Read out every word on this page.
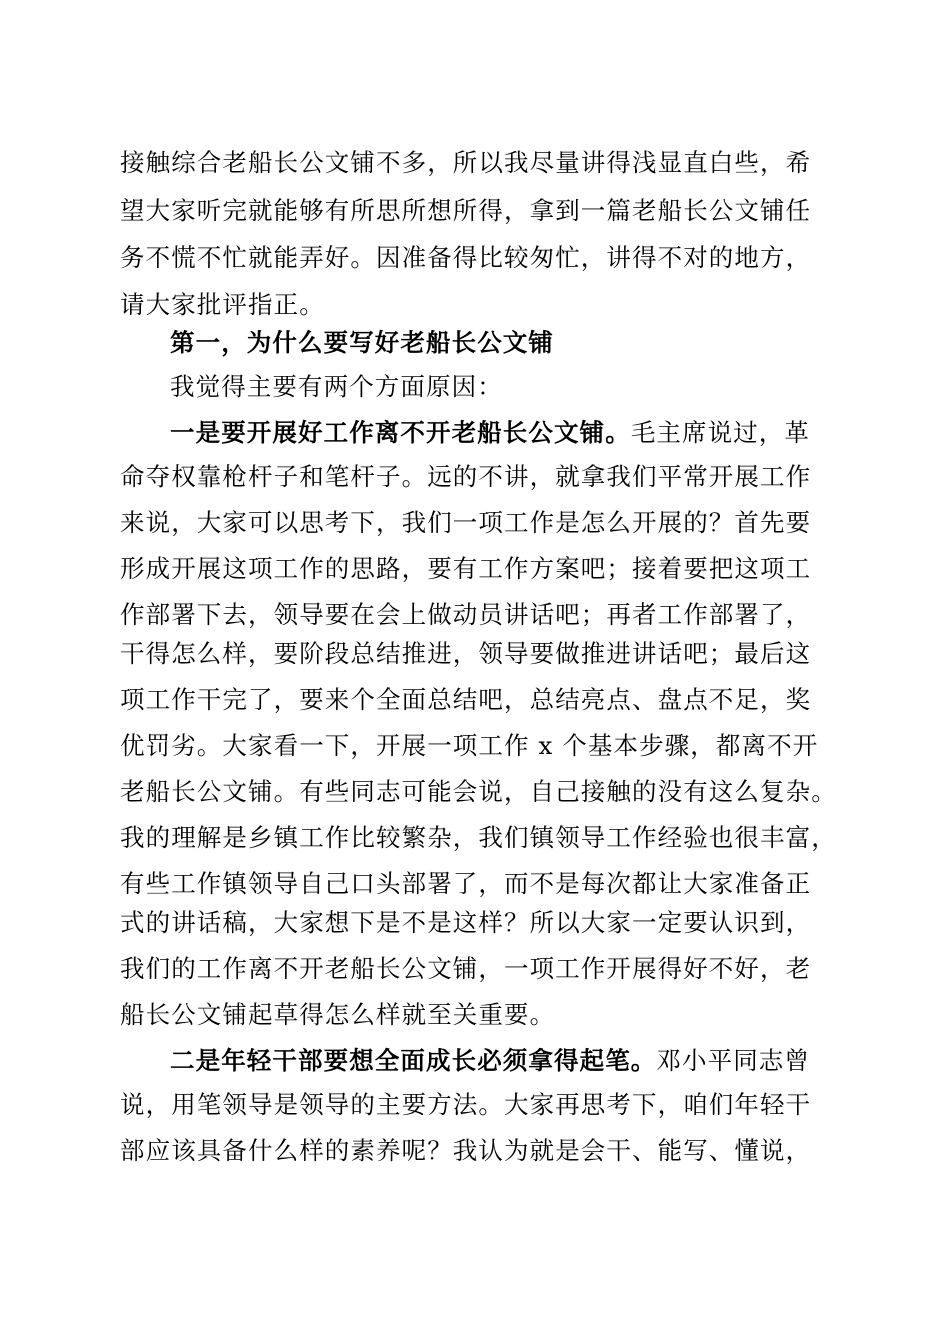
接触综合老船长公文铺不多，所以我尽量讲得浅显直白些，希
望大家听完就能够有所思所想所得，拿到一篇老船长公文铺任
务不慌不忙就能弄好。因准备得比较匆忙，讲得不对的地方，
请大家批评指正。
第一，为什么要写好老船长公文铺
我觉得主要有两个方面原因：
一是要开展好工作离不开老船长公文铺。毛主席说过，革
命夺权靠枪杆子和笔杆子。远的不讲，就拿我们平常开展工作
来说，大家可以思考下，我们一项工作是怎么开展的？首先要
形成开展这项工作的思路，要有工作方案吧；接着要把这项工
作部署下去，领导要在会上做动员讲话吧；再者工作部署了，
干得怎么样，要阶段总结推进，领导要做推进讲话吧；最后这
项工作干完了，要来个全面总结吧，总结亮点、盘点不足，奖
优罚劣。大家看一下，开展一项工作 x 个基本步骤，都离不开
老船长公文铺。有些同志可能会说，自己接触的没有这么复杂。
我的理解是乡镇工作比较繁杂，我们镇领导工作经验也很丰富，
有些工作镇领导自己口头部署了，而不是每次都让大家准备正
式的讲话稿，大家想下是不是这样？所以大家一定要认识到，
我们的工作离不开老船长公文铺，一项工作开展得好不好，老
船长公文铺起草得怎么样就至关重要。
二是年轻干部要想全面成长必须拿得起笔。邓小平同志曾
说，用笔领导是领导的主要方法。大家再思考下，咱们年轻干
部应该具备什么样的素养呢？我认为就是会干、能写、懂说，
